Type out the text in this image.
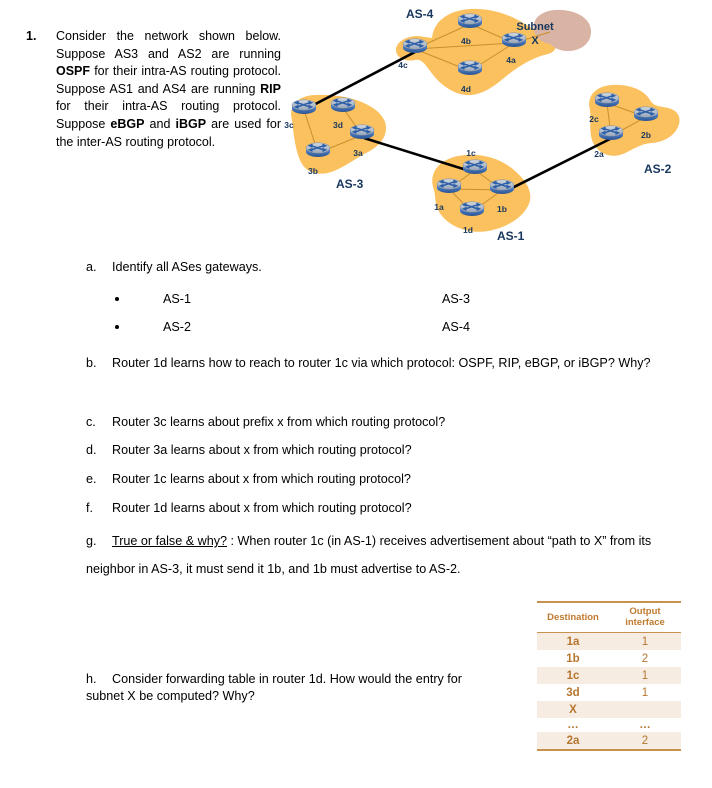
1.	Consider the network shown below. Suppose AS3 and AS2 are running OSPF for their intra-AS routing protocol. Suppose AS1 and AS4 are running RIP for their intra-AS routing protocol. Suppose eBGP and iBGP are used for the inter-AS routing protocol.
4b
4c	4a
4d
3c	3d
3a
3b
1c
1a	1b
1d
2c
2b
2a
AS-4
AS-3
AS-1
AS-2
Subnet
X
a.	Identify all ASes gateways.
AS-1	AS-3
AS-2	AS-4
b.	Router 1d learns how to reach to router 1c via which protocol: OSPF, RIP, eBGP, or iBGP? Why?
c.	Router 3c learns about prefix x from which routing protocol?
d.	Router 3a learns about x from which routing protocol?
e.	Router 1c learns about x from which routing protocol?
f.	Router 1d learns about x from which routing protocol?
g.	True or false & why? : When router 1c (in AS-1) receives advertisement about “path to X” from its neighbor in AS-3, it must send it 1b, and 1b must advertise to AS-2.
h.	Consider forwarding table in router 1d. How would the entry for subnet X be computed? Why?
Destination	Output
interface
1a	1
1b	2
1c	1
3d	1
X	
…	…
2a	2
